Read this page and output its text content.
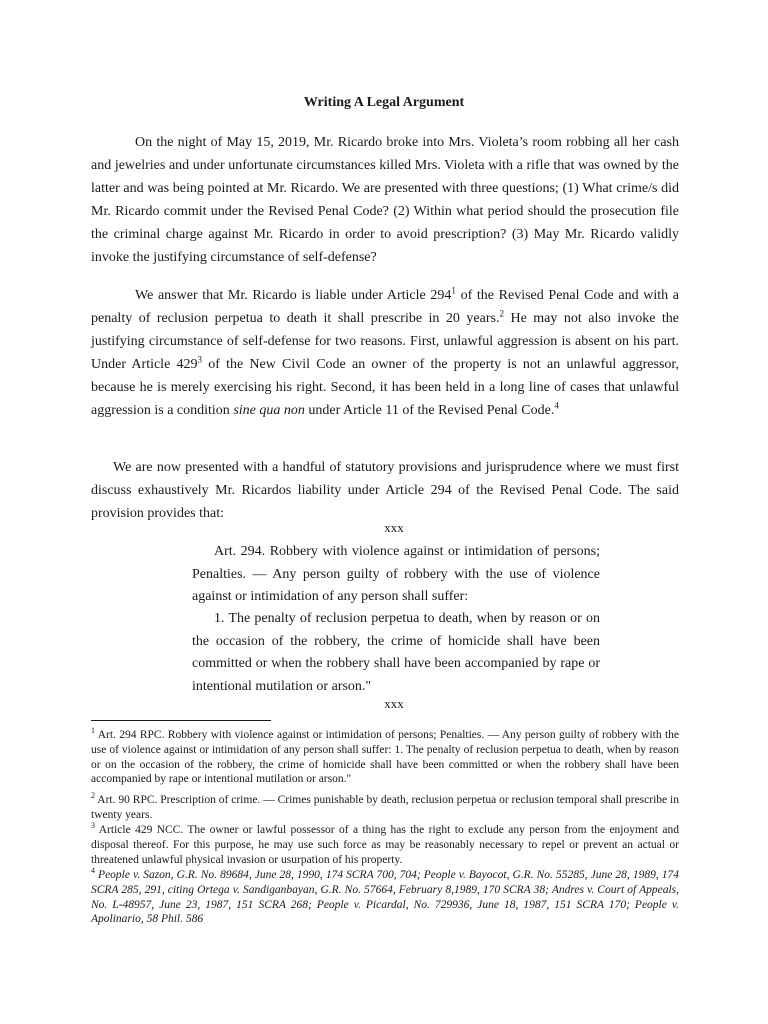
Writing A Legal Argument

On the night of May 15, 2019, Mr. Ricardo broke into Mrs. Violeta’s room robbing all her cash and jewelries and under unfortunate circumstances killed Mrs. Violeta with a rifle that was owned by the latter and was being pointed at Mr. Ricardo. We are presented with three questions; (1) What crime/s did Mr. Ricardo commit under the Revised Penal Code? (2) Within what period should the prosecution file the criminal charge against Mr. Ricardo in order to avoid prescription? (3) May Mr. Ricardo validly invoke the justifying circumstance of self-defense?

We answer that Mr. Ricardo is liable under Article $294^1$ of the Revised Penal Code and with a penalty of reclusion perpetua to death it shall prescribe in 20 years.$^2$ He may not also invoke the justifying circumstance of self-defense for two reasons. First, unlawful aggression is absent on his part. Under Article $429^3$ of the New Civil Code an owner of the property is not an unlawful aggressor, because he is merely exercising his right. Second, it has been held in a long line of cases that unlawful aggression is a condition sine qua non under Article 11 of the Revised Penal Code.$^4$

We are now presented with a handful of statutory provisions and jurisprudence where we must first discuss exhaustively Mr. Ricardos liability under Article 294 of the Revised Penal Code. The said provision provides that:

xxx

Art. 294. Robbery with violence against or intimidation of persons; Penalties. — Any person guilty of robbery with the use of violence against or intimidation of any person shall suffer:

1. The penalty of reclusion perpetua to death, when by reason or on the occasion of the robbery, the crime of homicide shall have been committed or when the robbery shall have been accompanied by rape or intentional mutilation or arson."

xxx

$^1$ Art. 294 RPC. Robbery with violence against or intimidation of persons; Penalties. — Any person guilty of robbery with the use of violence against or intimidation of any person shall suffer: 1. The penalty of reclusion perpetua to death, when by reason or on the occasion of the robbery, the crime of homicide shall have been committed or when the robbery shall have been accompanied by rape or intentional mutilation or arson."

$^2$ Art. 90 RPC. Prescription of crime. — Crimes punishable by death, reclusion perpetua or reclusion temporal shall prescribe in twenty years.

$^3$ Article 429 NCC. The owner or lawful possessor of a thing has the right to exclude any person from the enjoyment and disposal thereof. For this purpose, he may use such force as may be reasonably necessary to repel or prevent an actual or threatened unlawful physical invasion or usurpation of his property.

$^4$ People v. Sazon, G.R. No. 89684, June 28, 1990, 174 SCRA 700, 704; People v. Bayocot, G.R. No. 55285, June 28, 1989, 174 SCRA 285, 291, citing Ortega v. Sandiganbayan, G.R. No. 57664, February 8,1989, 170 SCRA 38; Andres v. Court of Appeals, No. L-48957, June 23, 1987, 151 SCRA 268; People v. Picardal, No. 729936, June 18, 1987, 151 SCRA 170; People v. Apolinario, 58 Phil. 586
